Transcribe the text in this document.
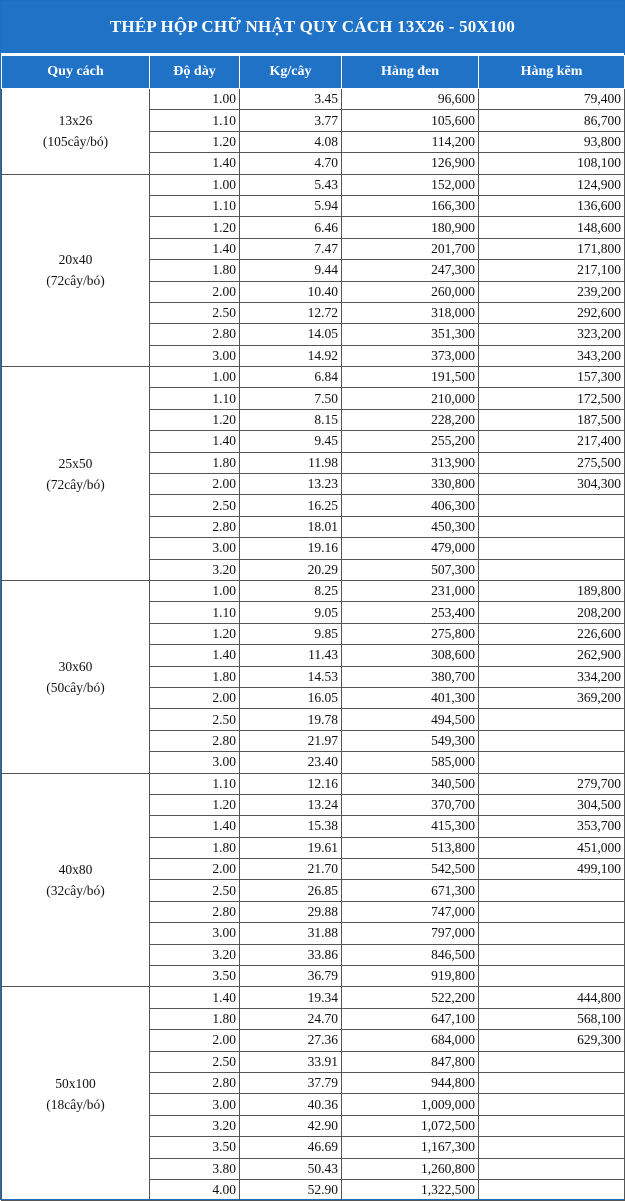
THÉP HỘP CHỮ NHẬT QUY CÁCH 13X26 - 50X100
Quy cách	Độ dày	Kg/cây	Hàng đen	Hàng kẽm

13x26
(105cây/bó)	1.00	3.45	96,600	79,400
	1.10	3.77	105,600	86,700
	1.20	4.08	114,200	93,800
	1.40	4.70	126,900	108,100

20x40
(72cây/bó)	1.00	5.43	152,000	124,900
	1.10	5.94	166,300	136,600
	1.20	6.46	180,900	148,600
	1.40	7.47	201,700	171,800
	1.80	9.44	247,300	217,100
	2.00	10.40	260,000	239,200
	2.50	12.72	318,000	292,600
	2.80	14.05	351,300	323,200
	3.00	14.92	373,000	343,200

25x50
(72cây/bó)	1.00	6.84	191,500	157,300
	1.10	7.50	210,000	172,500
	1.20	8.15	228,200	187,500
	1.40	9.45	255,200	217,400
	1.80	11.98	313,900	275,500
	2.00	13.23	330,800	304,300
	2.50	16.25	406,300	
	2.80	18.01	450,300	
	3.00	19.16	479,000	
	3.20	20.29	507,300	

30x60
(50cây/bó)	1.00	8.25	231,000	189,800
	1.10	9.05	253,400	208,200
	1.20	9.85	275,800	226,600
	1.40	11.43	308,600	262,900
	1.80	14.53	380,700	334,200
	2.00	16.05	401,300	369,200
	2.50	19.78	494,500	
	2.80	21.97	549,300	
	3.00	23.40	585,000	

40x80
(32cây/bó)	1.10	12.16	340,500	279,700
	1.20	13.24	370,700	304,500
	1.40	15.38	415,300	353,700
	1.80	19.61	513,800	451,000
	2.00	21.70	542,500	499,100
	2.50	26.85	671,300	
	2.80	29.88	747,000	
	3.00	31.88	797,000	
	3.20	33.86	846,500	
	3.50	36.79	919,800	

50x100
(18cây/bó)	1.40	19.34	522,200	444,800
	1.80	24.70	647,100	568,100
	2.00	27.36	684,000	629,300
	2.50	33.91	847,800	
	2.80	37.79	944,800	
	3.00	40.36	1,009,000	
	3.20	42.90	1,072,500	
	3.50	46.69	1,167,300	
	3.80	50.43	1,260,800	
	4.00	52.90	1,322,500	
